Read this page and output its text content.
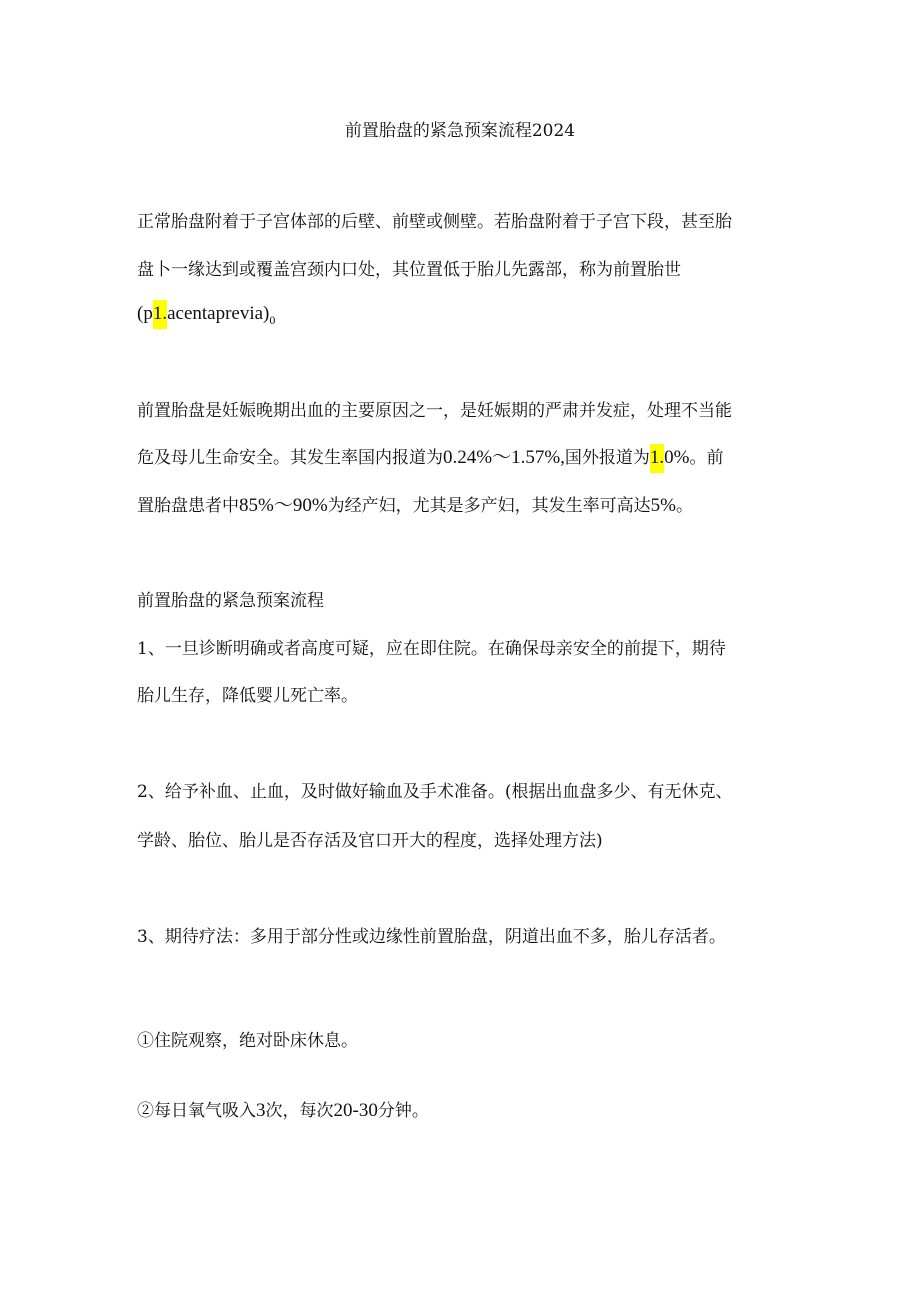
前置胎盘的紧急预案流程2024
正常胎盘附着于子宫体部的后壁、前壁或侧壁。若胎盘附着于子宫下段，甚至胎
盘卜一缘达到或覆盖宫颈内口处，其位置低于胎儿先露部，称为前置胎世
$(p1.acentaprevia)_0$
前置胎盘是妊娠晚期出血的主要原因之一，是妊娠期的严肃并发症，处理不当能
危及母儿生命安全。其发生率国内报道为0.24%～1.57%,国外报道为1.0%。前
置胎盘患者中85%～90%为经产妇，尤其是多产妇，其发生率可高达5%。
前置胎盘的紧急预案流程
1、一旦诊断明确或者高度可疑，应在即住院。在确保母亲安全的前提下，期待
胎儿生存，降低婴儿死亡率。
2、给予补血、止血，及时做好输血及手术准备。(根据出血盘多少、有无休克、
学龄、胎位、胎儿是否存活及官口开大的程度，选择处理方法)
3、期待疗法：多用于部分性或边缘性前置胎盘，阴道出血不多，胎儿存活者。
①住院观察，绝对卧床休息。
②每日氧气吸入3次，每次20-30分钟。
